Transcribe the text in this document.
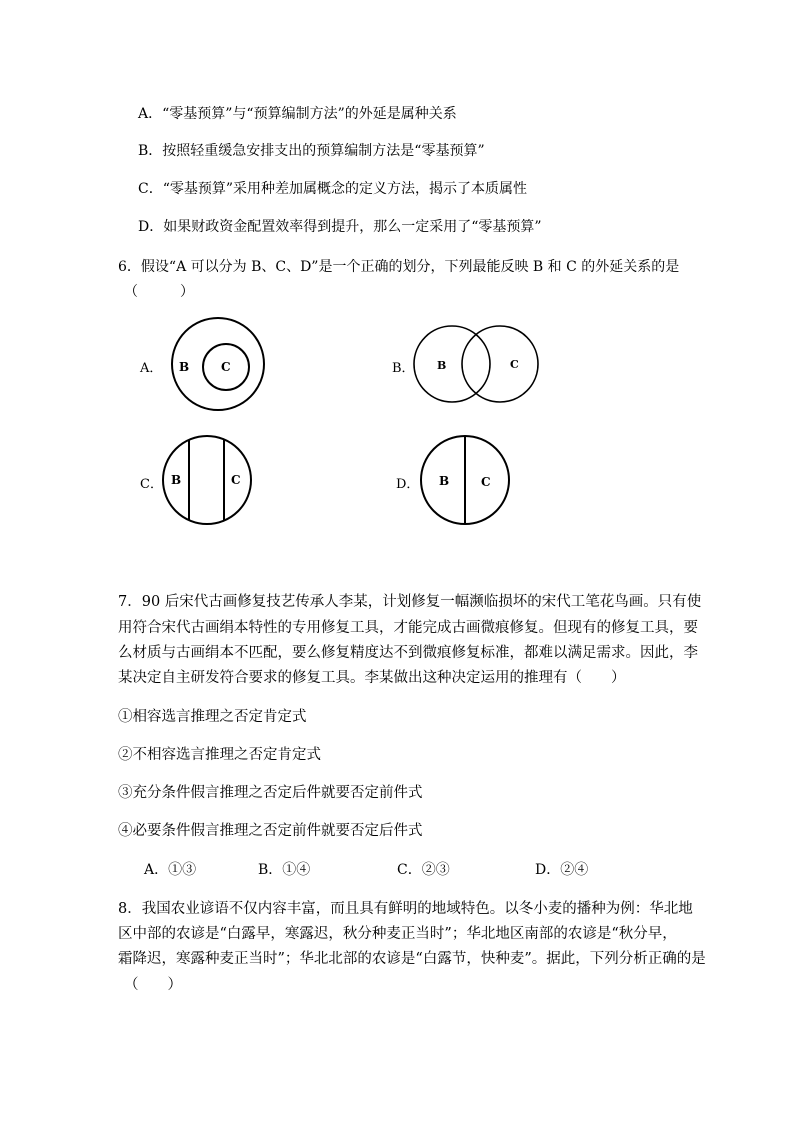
A．“零基预算”与“预算编制方法”的外延是属种关系
B．按照轻重缓急安排支出的预算编制方法是“零基预算”
C．“零基预算”采用种差加属概念的定义方法，揭示了本质属性
D．如果财政资金配置效率得到提升，那么一定采用了“零基预算”
6．假设“A 可以分为 B、C、D”是一个正确的划分，下列最能反映 B 和 C 的外延关系的是
（　　　）
A． B	C	B． B	C
C． B	C	D． B	C
7．90 后宋代古画修复技艺传承人李某，计划修复一幅濒临损坏的宋代工笔花鸟画。只有使
用符合宋代古画绢本特性的专用修复工具，才能完成古画微痕修复。但现有的修复工具，要
么材质与古画绢本不匹配，要么修复精度达不到微痕修复标准，都难以满足需求。因此，李
某决定自主研发符合要求的修复工具。李某做出这种决定运用的推理有（　　）
①相容选言推理之否定肯定式
②不相容选言推理之否定肯定式
③充分条件假言推理之否定后件就要否定前件式
④必要条件假言推理之否定前件就要否定后件式
A．①③	B．①④	C．②③	D．②④
8．我国农业谚语不仅内容丰富，而且具有鲜明的地域特色。以冬小麦的播种为例：华北地
区中部的农谚是“白露早，寒露迟，秋分种麦正当时”；华北地区南部的农谚是“秋分早，
霜降迟，寒露种麦正当时”；华北北部的农谚是“白露节，快种麦”。据此，下列分析正确的是
（　　）
